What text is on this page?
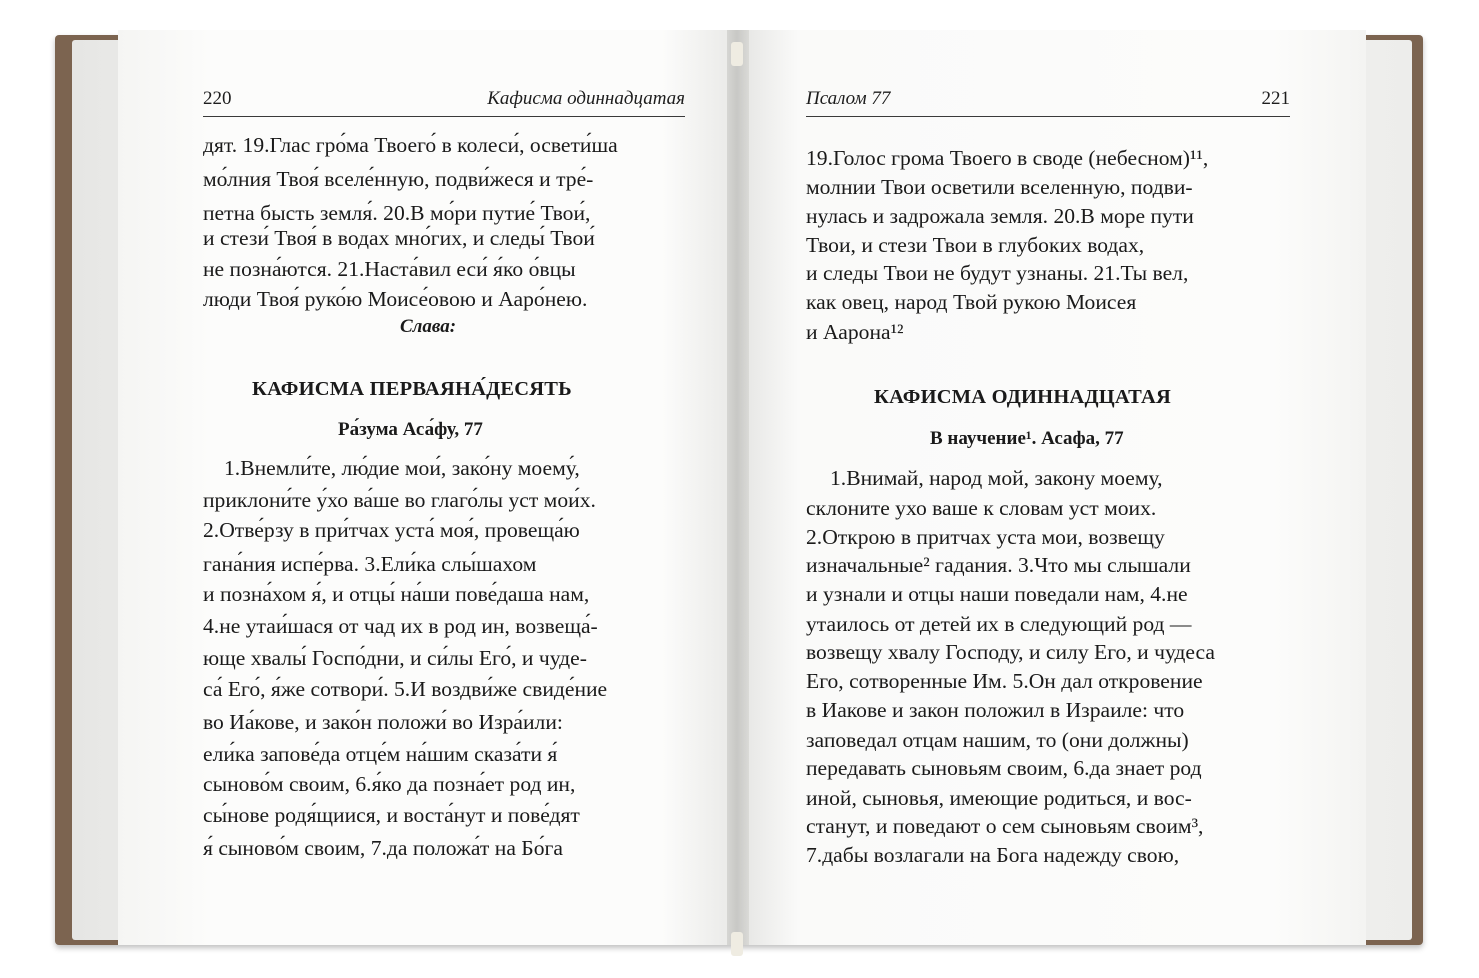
220	Кафисма одиннадцатая	Псалом 77	221
дят. 19.Глас гро́ма Твоего́ в колеси́, освети́ша
мо́лния Твоя́ вселе́нную, подви́жеся и тре́-
петна бысть земля́. 20.В мо́ри путие́ Твои́,
и стези́ Твоя́ в водах мно́гих, и следы́ Твои́
не позна́ются. 21.Наста́вил еси́ я́ко о́вцы
люди Твоя́ руко́ю Моисе́овою и Ааро́нею.
Слава:
КАФИСМА ПЕРВАЯНА́ДЕСЯТЬ
Ра́зума Аса́фу, 77
1.Внемли́те, лю́дие мои́, зако́ну моему́,
приклони́те у́хо ва́ше во глаго́лы уст мои́х.
2.Отве́рзу в при́тчах уста́ моя́, провеща́ю
гана́ния испе́рва. 3.Ели́ка слы́шахом
и позна́хом я́, и отцы́ на́ши пове́даша нам,
4.не утаи́шася от чад их в род ин, возвеща́-
юще хвалы́ Госпо́дни, и си́лы Его́, и чуде-
са́ Его́, я́же сотвори́. 5.И воздви́же свиде́ние
во Иа́кове, и зако́н положи́ во Изра́или:
ели́ка запове́да отце́м на́шим сказа́ти я́
сыново́м своим, 6.я́ко да позна́ет род ин,
сы́нове родя́щиися, и воста́нут и пове́дят
я́ сыново́м своим, 7.да положа́т на Бо́га
19.Голос грома Твоего в своде (небесном)¹¹,
молнии Твои осветили вселенную, подви-
нулась и задрожала земля. 20.В море пути
Твои, и стези Твои в глубоких водах,
и следы Твои не будут узнаны. 21.Ты вел,
как овец, народ Твой рукою Моисея
и Аарона¹²
КАФИСМА ОДИННАДЦАТАЯ
В научение¹. Асафа, 77
1.Внимай, народ мой, закону моему,
склоните ухо ваше к словам уст моих.
2.Открою в притчах уста мои, возвещу
изначальные² гадания. 3.Что мы слышали
и узнали и отцы наши поведали нам, 4.не
утаилось от детей их в следующий род —
возвещу хвалу Господу, и силу Его, и чудеса
Его, сотворенные Им. 5.Он дал откровение
в Иакове и закон положил в Израиле: что
заповедал отцам нашим, то (они должны)
передавать сыновьям своим, 6.да знает род
иной, сыновья, имеющие родиться, и вос-
станут, и поведают о сем сыновьям своим³,
7.дабы возлагали на Бога надежду свою,
